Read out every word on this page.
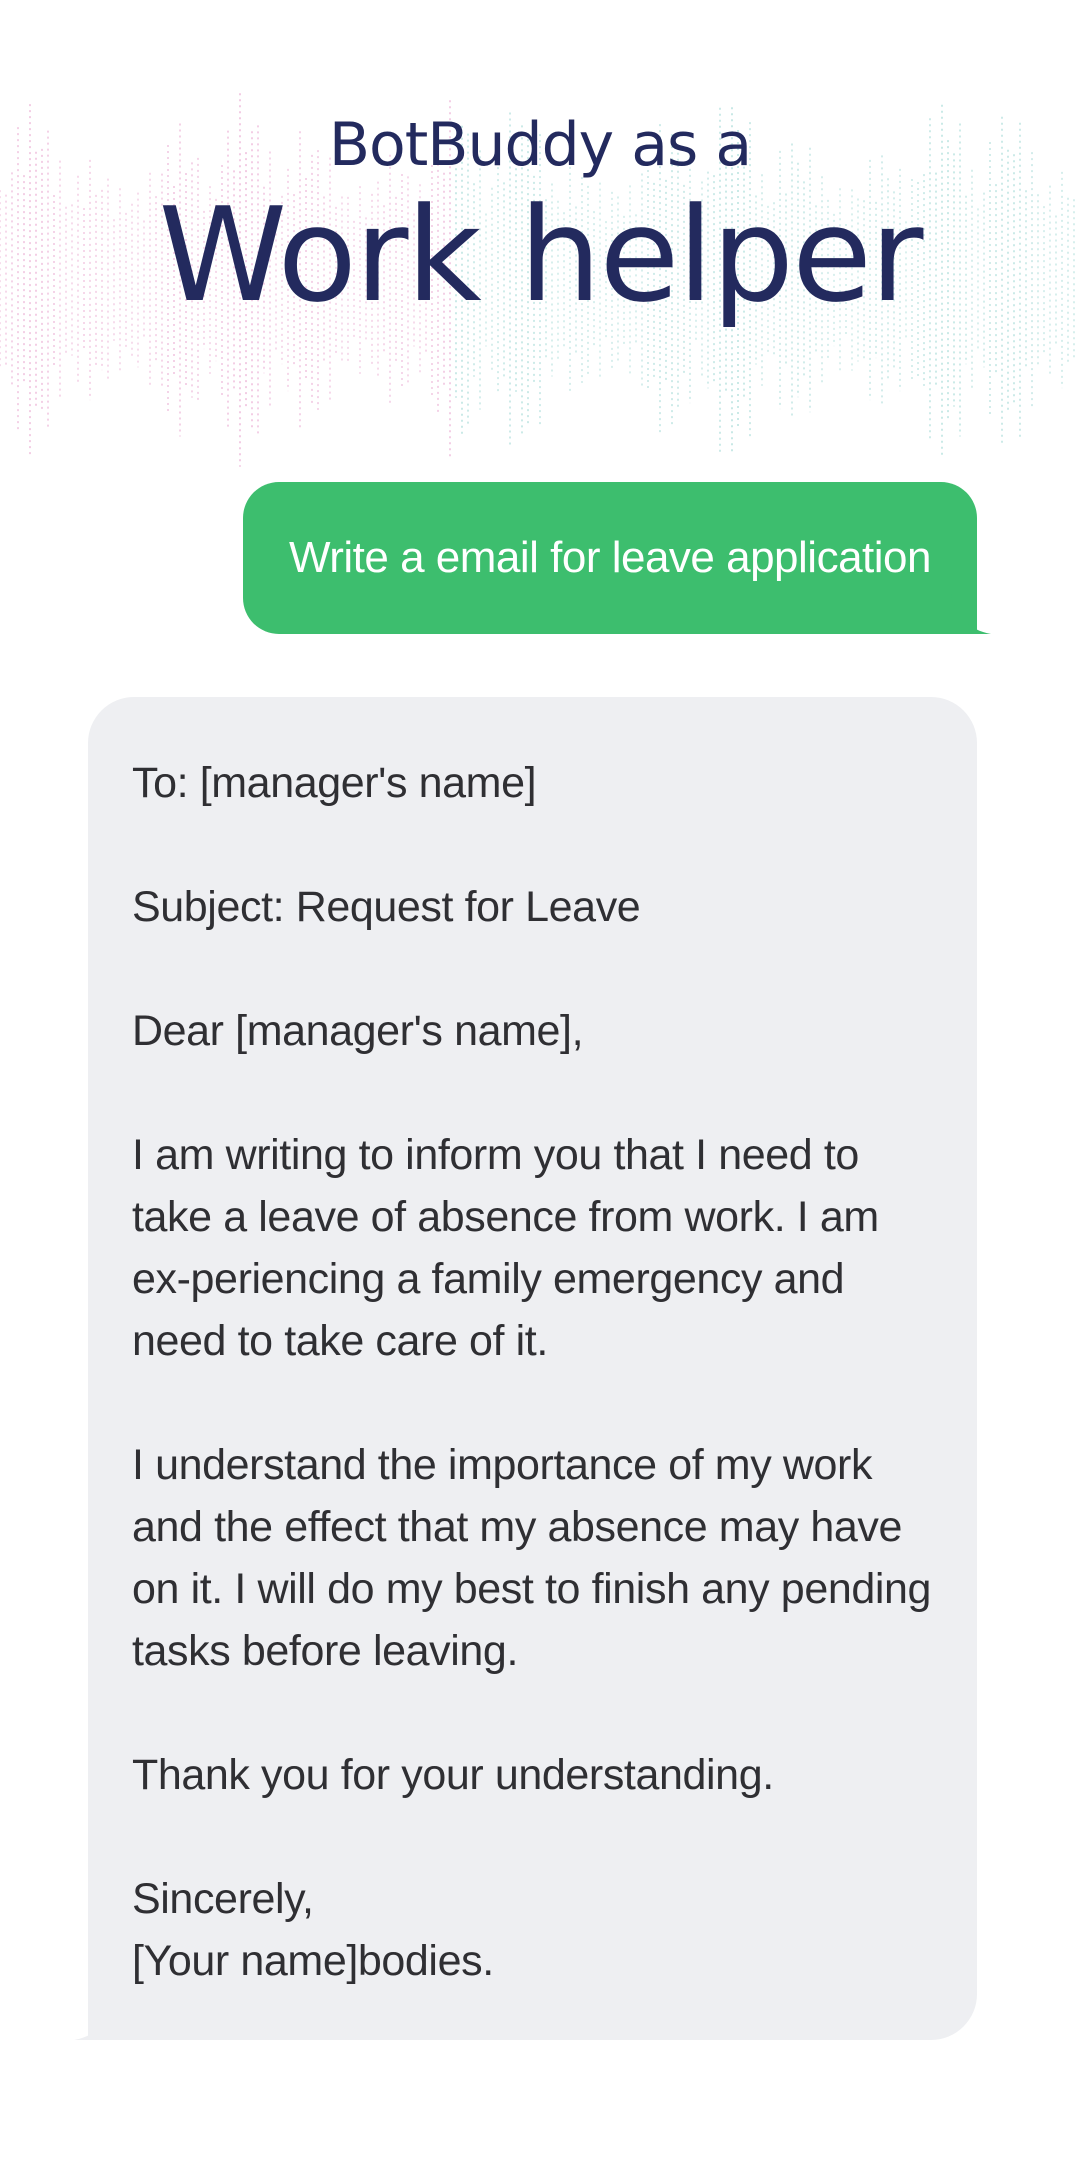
BotBuddy as a
Work helper
Write a email for leave application

To: [manager's name]

Subject: Request for Leave

Dear [manager's name],

I am writing to inform you that I need to take a leave of absence from work. I am ex-periencing a family emergency and need to take care of it.

I understand the importance of my work and the effect that my absence may have on it. I will do my best to finish any pending tasks before leaving.

Thank you for your understanding.

Sincerely,

[Your name]bodies.
